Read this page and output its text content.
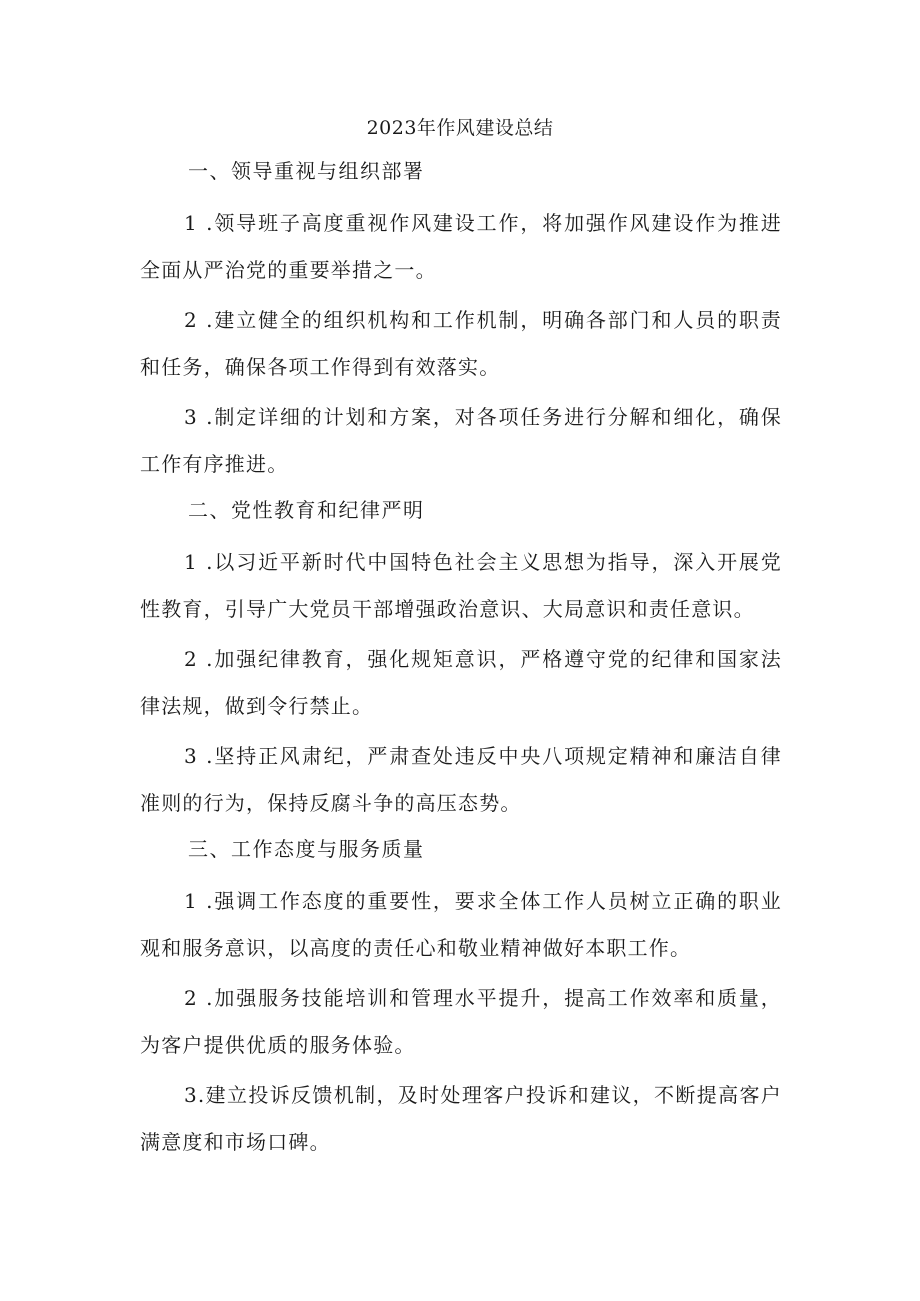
2023年作风建设总结
一、领导重视与组织部署

1 .领导班子高度重视作风建设工作，将加强作风建设作为推进全面从严治党的重要举措之一。

2 .建立健全的组织机构和工作机制，明确各部门和人员的职责和任务，确保各项工作得到有效落实。

3 .制定详细的计划和方案，对各项任务进行分解和细化，确保工作有序推进。

二、党性教育和纪律严明

1 .以习近平新时代中国特色社会主义思想为指导，深入开展党性教育，引导广大党员干部增强政治意识、大局意识和责任意识。

2 .加强纪律教育，强化规矩意识，严格遵守党的纪律和国家法律法规，做到令行禁止。

3 .坚持正风肃纪，严肃查处违反中央八项规定精神和廉洁自律准则的行为，保持反腐斗争的高压态势。

三、工作态度与服务质量

1 .强调工作态度的重要性，要求全体工作人员树立正确的职业观和服务意识，以高度的责任心和敬业精神做好本职工作。

2 .加强服务技能培训和管理水平提升，提高工作效率和质量，为客户提供优质的服务体验。

3.建立投诉反馈机制，及时处理客户投诉和建议，不断提高客户满意度和市场口碑。
